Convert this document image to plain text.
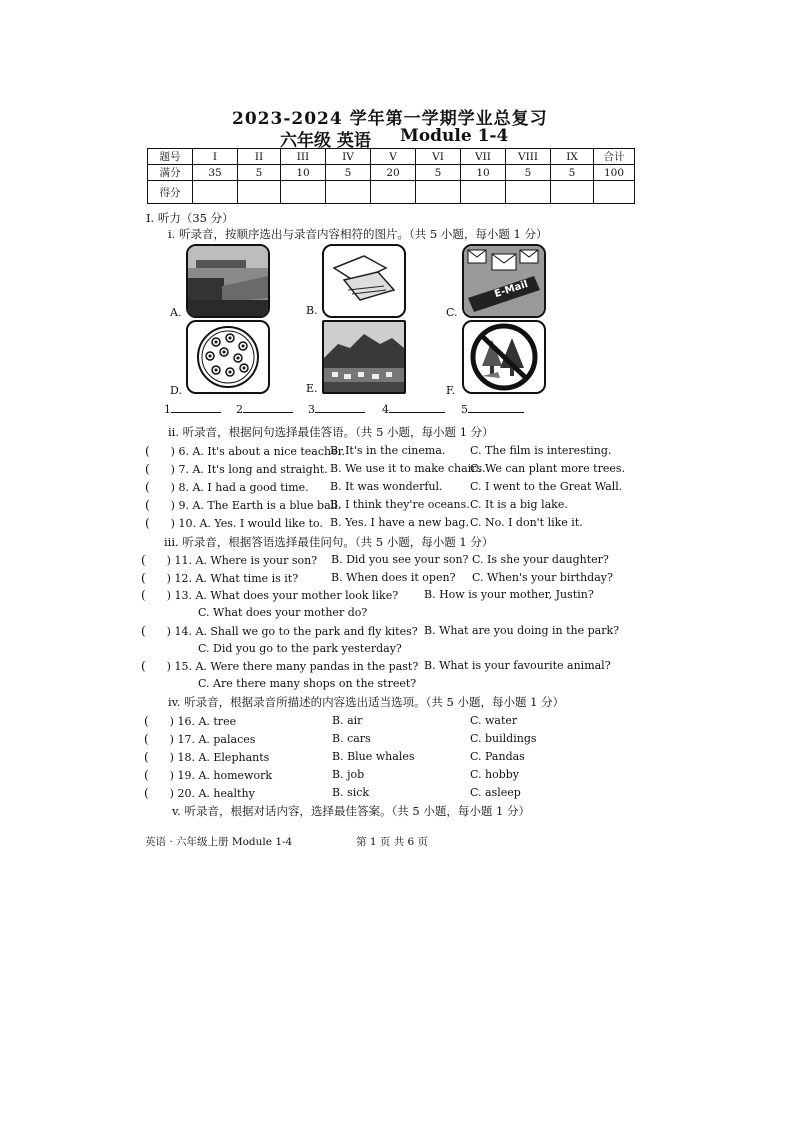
2023-2024 学年第一学期学业总复习
六年级 英语 Module 1-4
题号	I	II	III	IV	V	VI	VII	VIII	IX	合计
满分	35	5	10	5	20	5	10	5	5	100
得分										
I. 听力（35 分）
i. 听录音，按顺序选出与录音内容相符的图片。（共 5 小题，每小题 1 分）
A.	B.	C.
E-Mail
D.	E.	F.
1	2	3	4	5
ii. 听录音，根据问句选择最佳答语。（共 5 小题，每小题 1 分）
( ) 6. A. It's about a nice teacher.
B. It's in the cinema. C. The film is interesting.
( ) 7. A. It's long and straight. B. We use it to make chairs.
C. We can plant more trees.
( ) 8. A. I had a good time. B. It was wonderful. C. I went to the Great Wall.
( ) 9. A. The Earth is a blue ball.
B. I think they're oceans. C. It is a big lake.
( ) 10. A. Yes. I would like to. B. Yes. I have a new bag. C. No. I don't like it.
iii. 听录音，根据答语选择最佳问句。（共 5 小题，每小题 1 分）
( ) 11. A. Where is your son? B. Did you see your son? C. Is she your daughter?
( ) 12. A. What time is it?	B. When does it open? C. When's your birthday?
( ) 13. A. What does your mother look like? B. How is your mother, Justin?
C. What does your mother do?
( ) 14. A. Shall we go to the park and fly kites? B. What are you doing in the park?
C. Did you go to the park yesterday?
( ) 15. A. Were there many pandas in the past? B. What is your favourite animal?
C. Are there many shops on the street?
iv. 听录音，根据录音所描述的内容选出适当选项。（共 5 小题，每小题 1 分）
( ) 16. A. tree	B. air	C. water
( ) 17. A. palaces	B. cars	C. buildings
( ) 18. A. Elephants	B. Blue whales	C. Pandas
( ) 19. A. homework	B. job	C. hobby
( ) 20. A. healthy	B. sick	C. asleep
v. 听录音，根据对话内容，选择最佳答案。（共 5 小题，每小题 1 分）
英语 · 六年级上册 Module 1-4	第 1 页 共 6 页
